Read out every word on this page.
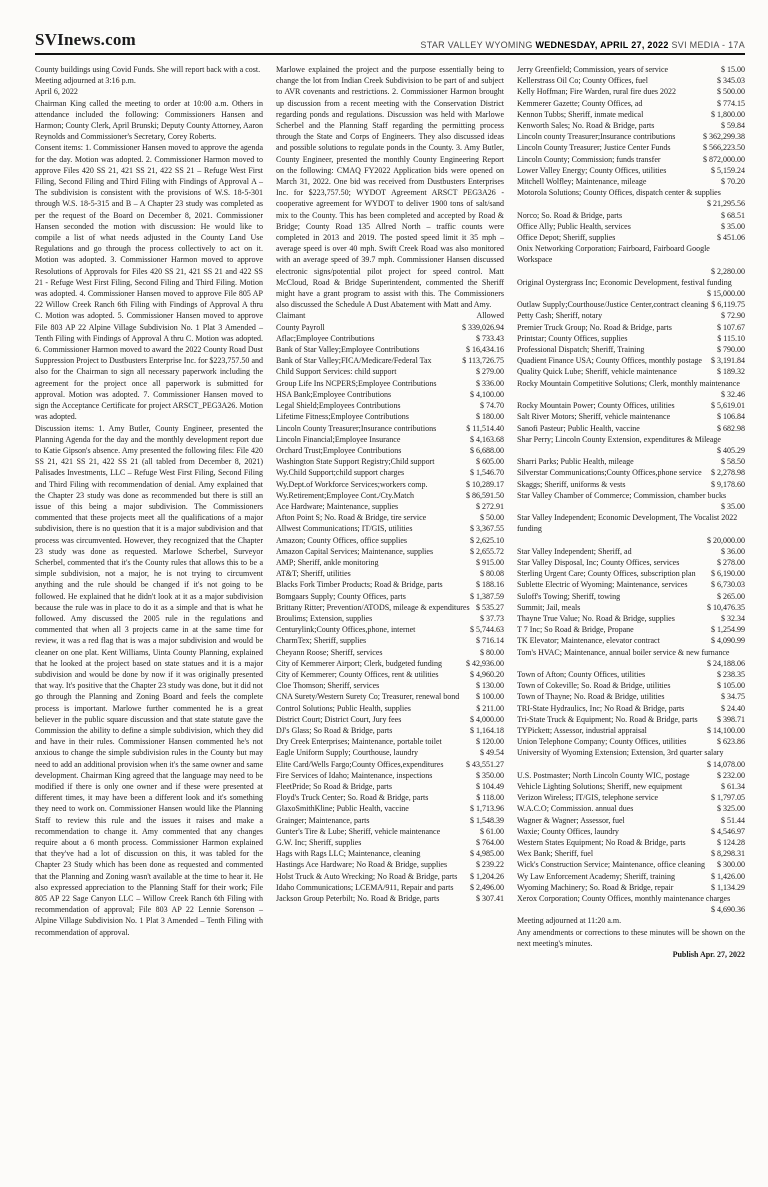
SVInews.com	STAR VALLEY WYOMING WEDNESDAY, APRIL 27, 2022 SVI MEDIA - 17A

County buildings using Covid Funds. She will report back with a cost.

Meeting adjourned at 3:16 p.m.

April 6, 2022

Chairman King called the meeting to order at 10:00 a.m. Others in attendance included the following: Commissioners Hansen and Harmon; County Clerk, April Brunski; Deputy County Attorney, Aaron Reynolds and Commissioner's Secretary, Corey Roberts.

Consent items: 1. Commissioner Hansen moved to approve the agenda for the day. Motion was adopted. 2. Commissioner Harmon moved to approve Files 420 SS 21, 421 SS 21, 422 SS 21 – Refuge West First Filing, Second Filing and Third Filing with Findings of Approval A – The subdivision is consistent with the provisions of W.S. 18-5-301 through W.S. 18-5-315 and B – A Chapter 23 study was completed as per the request of the Board on December 8, 2021. Commissioner Hansen seconded the motion with discussion: He would like to compile a list of what needs adjusted in the County Land Use Regulations and go through the process collectively to act on it. Motion was adopted. 3. Commissioner Harmon moved to approve Resolutions of Approvals for Files 420 SS 21, 421 SS 21 and 422 SS 21 - Refuge West First Filing, Second Filing and Third Filing. Motion was adopted. 4. Commissioner Hansen moved to approve File 805 AP 22 Willow Creek Ranch 6th Filing with Findings of Approval A thru C. Motion was adopted. 5. Commissioner Hansen moved to approve File 803 AP 22 Alpine Village Subdivision No. 1 Plat 3 Amended – Tenth Filing with Findings of Approval A thru C. Motion was adopted. 6. Commissioner Harmon moved to award the 2022 County Road Dust Suppression Project to Dustbusters Enterprise Inc. for $223,757.50 and also for the Chairman to sign all necessary paperwork including the agreement for the project once all paperwork is submitted for approval. Motion was adopted. 7. Commissioner Hansen moved to sign the Acceptance Certificate for project ARSCT_PEG3A26. Motion was adopted.

Discussion items: 1. Amy Butler, County Engineer, presented the Planning Agenda for the day and the monthly development report due to Katie Gipson's absence. Amy presented the following files: File 420 SS 21, 421 SS 21, 422 SS 21 (all tabled from December 8, 2021) Palisades Investments, LLC – Refuge West First Filing, Second Filing and Third Filing with recommendation of denial. Amy explained that the Chapter 23 study was done as recommended but there is still an issue of this being a major subdivision. The Commissioners commented that these projects meet all the qualifications of a major subdivision, there is no question that it is a major subdivision and that process was circumvented. However, they recognized that the Chapter 23 study was done as requested. Marlowe Scherbel, Surveyor Scherbel, commented that it's the County rules that allows this to be a simple subdivision, not a major, he is not trying to circumvent anything and the rule should be changed if it's not going to be followed. He explained that he didn't look at it as a major subdivision because the rule was in place to do it as a simple and that is what he followed. Amy discussed the 2005 rule in the regulations and commented that when all 3 projects came in at the same time for review, it was a red flag that is was a major subdivision and would be cleaner on one plat. Kent Williams, Uinta County Planning, explained that he looked at the project based on state statues and it is a major subdivision and would be done by now if it was originally presented that way. It's positive that the Chapter 23 study was done, but it did not go through the Planning and Zoning Board and feels the complete process is important. Marlowe further commented he is a great believer in the public square discussion and that state statute gave the Commission the ability to define a simple subdivision, which they did and have in their rules. Commissioner Hansen commented he's not anxious to change the simple subdivision rules in the County but may need to add an additional provision when it's the same owner and same development. Chairman King agreed that the language may need to be modified if there is only one owner and if these were presented at different times, it may have been a different look and it's something they need to work on. Commissioner Hansen would like the Planning Staff to review this rule and the issues it raises and make a recommendation to change it. Amy commented that any changes require about a 6 month process. Commissioner Harmon explained that they've had a lot of discussion on this, it was tabled for the Chapter 23 Study which has been done as requested and commented that the Planning and Zoning wasn't available at the time to hear it. He also expressed appreciation to the Planning Staff for their work; File 805 AP 22 Sage Canyon LLC – Willow Creek Ranch 6th Filing with recommendation of approval; File 803 AP 22 Lennie Sorenson – Alpine Village Subdivision No. 1 Plat 3 Amended – Tenth Filing with recommendation of approval.

Marlowe explained the project and the purpose essentially being to change the lot from Indian Creek Subdivision to be part of and subject to AVR covenants and restrictions. 2. Commissioner Harmon brought up discussion from a recent meeting with the Conservation District regarding ponds and regulations. Discussion was held with Marlowe Scherbel and the Planning Staff regarding the permitting process through the State and Corps of Engineers. They also discussed ideas and possible solutions to regulate ponds in the County. 3. Amy Butler, County Engineer, presented the monthly County Engineering Report on the following: CMAQ FY2022 Application bids were opened on March 31, 2022. One bid was received from Dustbusters Enterprises Inc. for $223,757.50; WYDOT Agreement ARSCT PEG3A26 - cooperative agreement for WYDOT to deliver 1900 tons of salt/sand mix to the County. This has been completed and accepted by Road & Bridge; County Road 135 Allred North – traffic counts were completed in 2013 and 2019. The posted speed limit it 35 mph – average speed is over 40 mph. Swift Creek Road was also monitored with an average speed of 39.7 mph. Commissioner Hansen discussed electronic signs/potential pilot project for speed control. Matt McCloud, Road & Bridge Superintendent, commented the Sheriff might have a grant program to assist with this. The Commissioners also discussed the Schedule A Dust Abatement with Matt and Amy.

Claimant	Allowed
County Payroll	$ 339,026.94
Aflac;Employee Contributions	$ 733.43
Bank of Star Valley;Employee Contributions	$ 16,434.16
Bank of Star Valley;FICA/Medicare/Federal Tax	$ 113,726.75
Child Support Services: child support	$ 279.00
Group Life Ins NCPERS;Employee Contributions	$ 336.00
HSA Bank;Employee Contributions	$ 4,100.00
Legal Shield;Employees Contributions	$ 74.70
Lifetime Fitness;Employee Contributions	$ 180.00
Lincoln County Treasurer;Insurance contributions	$ 11,514.40
Lincoln Financial;Employee Insurance	$ 4,163.68
Orchard Trust;Employee Contributions	$ 6,688.00
Washington State Support Registry;Child support	$ 605.00
Wy.Child Support;child support charges	$ 1,546.70
Wy.Dept.of Workforce Services;workers comp.	$ 10,289.17
Wy.Retirement;Employee Cont./Cty.Match	$ 86,591.50
Ace Hardware; Maintenance, supplies	$ 272.91
Afton Point S; No. Road & Bridge, tire service	$ 50.00
Allwest Communications; IT/GIS, utilities	$ 3,367.55
Amazon; County Offices, office supplies	$ 2,625.10
Amazon Capital Services; Maintenance, supplies	$ 2,655.72
AMP; Sheriff, ankle monitoring	$ 915.00
AT&T; Sheriff, utilities	$ 80.08
Blacks Fork Timber Products; Road & Bridge, parts	$ 188.16
Bomgaars Supply; County Offices, parts	$ 1,387.59
Brittany Ritter; Prevention/ATODS, mileage & expenditures $ 535.27
Broulims; Extension, supplies	$ 37.73
Centurylink;County Offices,phone, internet	$ 5,744.63
CharmTex; Sheriff, supplies	$ 716.14
Cheyann Roose; Sheriff, services	$ 80.00
City of Kemmerer Airport; Clerk, budgeted funding	$ 42,936.00
City of Kemmerer; County Offices, rent & utilities	$ 4,960.20
Cloe Thomson; Sheriff, services	$ 130.00
CNA Surety/Western Surety Co; Treasurer, renewal bond $ 100.00
Control Solutions; Public Health, supplies	$ 211.00
District Court; District Court, Jury fees	$ 4,000.00
DJ's Glass; So Road & Bridge, parts	$ 1,164.18
Dry Creek Enterprises; Maintenance, portable toilet	$ 120.00
Eagle Uniform Supply; Courthouse, laundry	$ 49.54
Elite Card/Wells Fargo;County Offices,expenditures	$ 43,551.27
Fire Services of Idaho; Maintenance, inspections	$ 350.00
FleetPride; So Road & Bridge, parts	$ 104.49
Floyd's Truck Center; So. Road & Bridge, parts	$ 118.00
GlaxoSmithKline; Public Health, vaccine	$ 1,713.96
Grainger; Maintenance, parts	$ 1,548.39
Gunter's Tire & Lube; Sheriff, vehicle maintenance	$ 61.00
G.W. Inc; Sheriff, supplies	$ 764.00
Hags with Rags LLC; Maintenance, cleaning	$ 4,985.00
Hastings Ace Hardware; No Road & Bridge, supplies	$ 239.22
Holst Truck & Auto Wrecking; No Road & Bridge, parts $ 1,204.26
Idaho Communications; LCEMA/911, Repair and parts $ 2,496.00
Jackson Group Peterbilt; No. Road & Bridge, parts	$ 307.41
Jerry Greenfield; Commission, years of service	$ 15.00
Kellerstrass Oil Co; County Offices, fuel	$ 345.03
Kelly Hoffman; Fire Warden, rural fire dues 2022	$ 500.00
Kemmerer Gazette; County Offices, ad	$ 774.15
Kennon Tubbs; Sheriff, inmate medical	$ 1,800.00
Kenworth Sales; No. Road & Bridge, parts	$ 59.84
Lincoln county Treasurer;Insurance contributions	$ 362,299.38
Lincoln County Treasurer; Justice Center Funds	$ 566,223.50
Lincoln County; Commission; funds transfer	$ 872,000.00
Lower Valley Energy; County Offices, utilities	$ 5,159.24
Mitchell Wolfley; Maintenance, mileage	$ 70.20
Motorola Solutions; County Offices, dispatch center & supplies
$ 21,295.56
Norco; So. Road & Bridge, parts	$ 68.51
Office Ally; Public Health, services	$ 35.00
Office Depot; Sheriff, supplies	$ 451.06
Onix Networking Corporation; Fairboard, Fairboard Google Workspace
$ 2,280.00
Original Oystergrass Inc; Economic Development, festival funding
$ 15,000.00
Outlaw Supply;Courthouse/Justice Center,contract cleaning $ 6,119.75
Petty Cash; Sheriff, notary	$ 72.90
Premier Truck Group; No. Road & Bridge, parts	$ 107.67
Printstar; County Offices, supplies	$ 115.10
Professional Dispatch; Sheriff, Training	$ 790.00
Quadient Finance USA; County Offices, monthly postage $ 3,191.84
Quality Quick Lube; Sheriff, vehicle maintenance	$ 189.32
Rocky Mountain Competitive Solutions; Clerk, monthly maintenance
$ 32.46
Rocky Mountain Power; County Offices, utilities	$ 5,619.01
Salt River Motors; Sheriff, vehicle maintenance	$ 106.84
Sanofi Pasteur; Public Health, vaccine	$ 682.98
Shar Perry; Lincoln County Extension, expenditures & Mileage
$ 405.29
Sharri Parks; Public Health, mileage	$ 58.50
Silverstar Communications;County Offices,phone service $ 2,278.98
Skaggs; Sheriff, uniforms & vests	$ 9,178.60
Star Valley Chamber of Commerce; Commission, chamber bucks
$ 35.00
Star Valley Independent; Economic Development, The Vocalist 2022 funding
$ 20,000.00
Star Valley Independent; Sheriff, ad	$ 36.00
Star Valley Disposal, Inc; County Offices, services	$ 278.00
Sterling Urgent Care; County Offices, subscription plan $ 6,190.00
Sublette Electric of Wyoming; Maintenance, services	$ 6,730.03
Suloff's Towing; Sheriff, towing	$ 265.00
Summit; Jail, meals	$ 10,476.35
Thayne True Value; No. Road & Bridge, supplies	$ 32.34
T 7 Inc; So Road & Bridge, Propane	$ 1,254.99
TK Elevator; Maintenance, elevator contract	$ 4,090.99
Tom's HVAC; Maintenance, annual boiler service & new furnance
$ 24,188.06
Town of Afton; County Offices, utilities	$ 238.35
Town of Cokeville; So. Road & Bridge, utilities	$ 105.00
Town of Thayne; No. Road & Bridge, utilities	$ 34.75
TRI-State Hydraulics, Inc; No Road & Bridge, parts	$ 24.40
Tri-State Truck & Equipment; No. Road & Bridge, parts $ 398.71
TYPickett; Assessor, industrial appraisal	$ 14,100.00
Union Telephone Company; County Offices, utilities	$ 623.86
University of Wyoming Extension; Extension, 3rd quarter salary
$ 14,078.00
U.S. Postmaster; North Lincoln County WIC, postage	$ 232.00
Vehicle Lighting Solutions; Sheriff, new equipment	$ 61.34
Verizon Wireless; IT/GIS, telephone service	$ 1,797.05
W.A.C.O; Commission. annual dues	$ 325.00
Wagner & Wagner; Assessor, fuel	$ 51.44
Waxie; County Offices, laundry	$ 4,546.97
Western States Equipment; No Road & Bridge, parts	$ 124.28
Wex Bank; Sheriff, fuel	$ 8,298.31
Wick's Construction Service; Maintenance, office cleaning $ 300.00
Wy Law Enforcement Academy; Sheriff, training	$ 1,426.00
Wyoming Machinery; So. Road & Bridge, repair	$ 1,134.29
Xerox Corporation; County Offices, monthly maintenance charges
$ 4,690.36

Meeting adjourned at 11:20 a.m.

Any amendments or corrections to these minutes will be shown on the next meeting's minutes.

Publish Apr. 27, 2022
